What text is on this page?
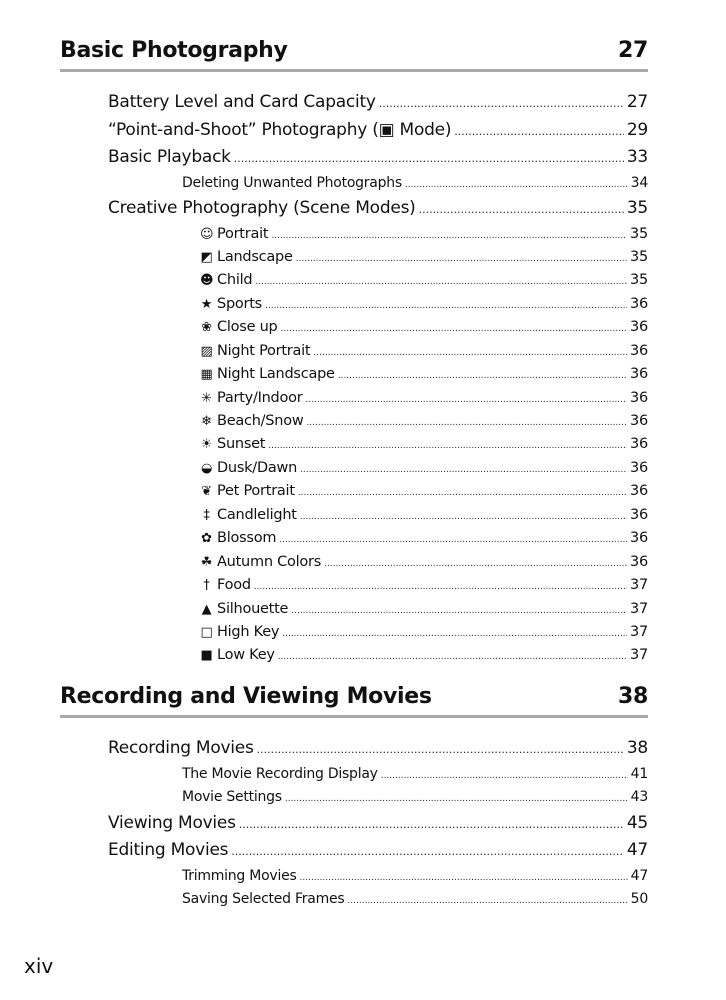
Basic Photography	27
Battery Level and Card Capacity .....	27
“Point-and-Shoot” Photography (▣ Mode) .....	29
Basic Playback .....	33
Deleting Unwanted Photographs .....	34
Creative Photography (Scene Modes) .....	35
☺ Portrait .....	35
◩ Landscape .....	35
☻ Child .....	35
★ Sports .....	36
❀ Close up .....	36
▨ Night Portrait .....	36
▦ Night Landscape .....	36
✳ Party/Indoor .....	36
❄ Beach/Snow .....	36
☀ Sunset .....	36
◒ Dusk/Dawn .....	36
❦ Pet Portrait .....	36
‡ Candlelight .....	36
✿ Blossom .....	36
☘ Autumn Colors .....	36
† Food .....	37
▲ Silhouette .....	37
□ High Key .....	37
■ Low Key .....	37
Recording and Viewing Movies	38
Recording Movies .....	38
The Movie Recording Display .....	41
Movie Settings .....	43
Viewing Movies .....	45
Editing Movies .....	47
Trimming Movies .....	47
Saving Selected Frames .....	50
xiv
